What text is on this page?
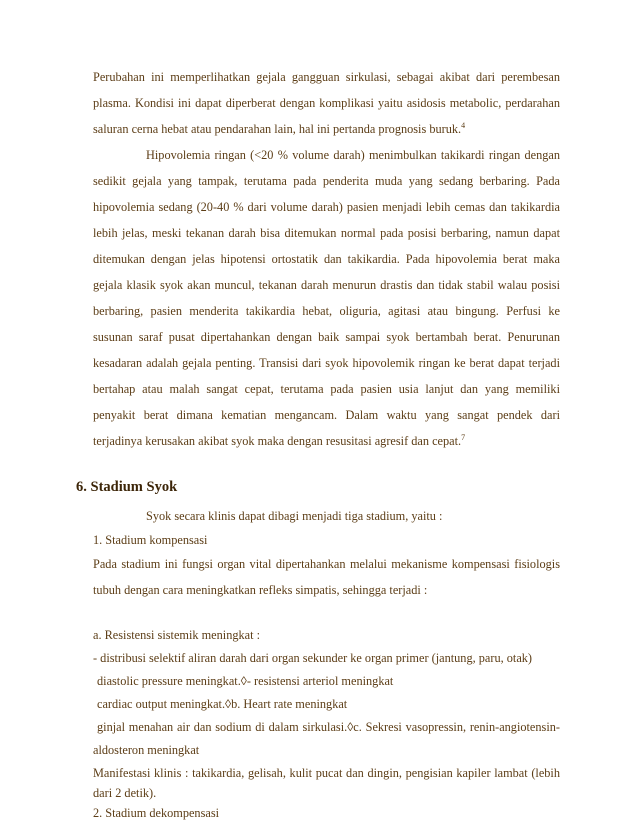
Perubahan ini memperlihatkan gejala gangguan sirkulasi, sebagai akibat dari perembesan
plasma. Kondisi ini dapat diperberat dengan komplikasi yaitu asidosis metabolic, perdarahan
saluran cerna hebat atau pendarahan lain, hal ini pertanda prognosis buruk.$^4$
Hipovolemia ringan (<20 % volume darah) menimbulkan takikardi ringan dengan
sedikit gejala yang tampak, terutama pada penderita muda yang sedang berbaring. Pada
hipovolemia sedang (20-40 % dari volume darah) pasien menjadi lebih cemas dan takikardia
lebih jelas, meski tekanan darah bisa ditemukan normal pada posisi berbaring, namun dapat
ditemukan dengan jelas hipotensi ortostatik dan takikardia. Pada hipovolemia berat maka
gejala klasik syok akan muncul, tekanan darah menurun drastis dan tidak stabil walau posisi
berbaring, pasien menderita takikardia hebat, oliguria, agitasi atau bingung. Perfusi ke
susunan saraf pusat dipertahankan dengan baik sampai syok bertambah berat. Penurunan
kesadaran adalah gejala penting. Transisi dari syok hipovolemik ringan ke berat dapat terjadi
bertahap atau malah sangat cepat, terutama pada pasien usia lanjut dan yang memiliki
penyakit berat dimana kematian mengancam. Dalam waktu yang sangat pendek dari
terjadinya kerusakan akibat syok maka dengan resusitasi agresif dan cepat.$^7$
6. Stadium Syok
Syok secara klinis dapat dibagi menjadi tiga stadium, yaitu :
1. Stadium kompensasi
Pada stadium ini fungsi organ vital dipertahankan melalui mekanisme kompensasi fisiologis
tubuh dengan cara meningkatkan refleks simpatis, sehingga terjadi :
a. Resistensi sistemik meningkat :
- distribusi selektif aliran darah dari organ sekunder ke organ primer (jantung, paru, otak)
diastolic pressure meningkat.◊- resistensi arteriol meningkat
cardiac output meningkat.◊b. Heart rate meningkat
ginjal menahan air dan sodium di dalam sirkulasi.◊c. Sekresi vasopressin, renin-angiotensin-
aldosteron meningkat
Manifestasi klinis : takikardia, gelisah, kulit pucat dan dingin, pengisian kapiler lambat (lebih
dari 2 detik).
2. Stadium dekompensasi
